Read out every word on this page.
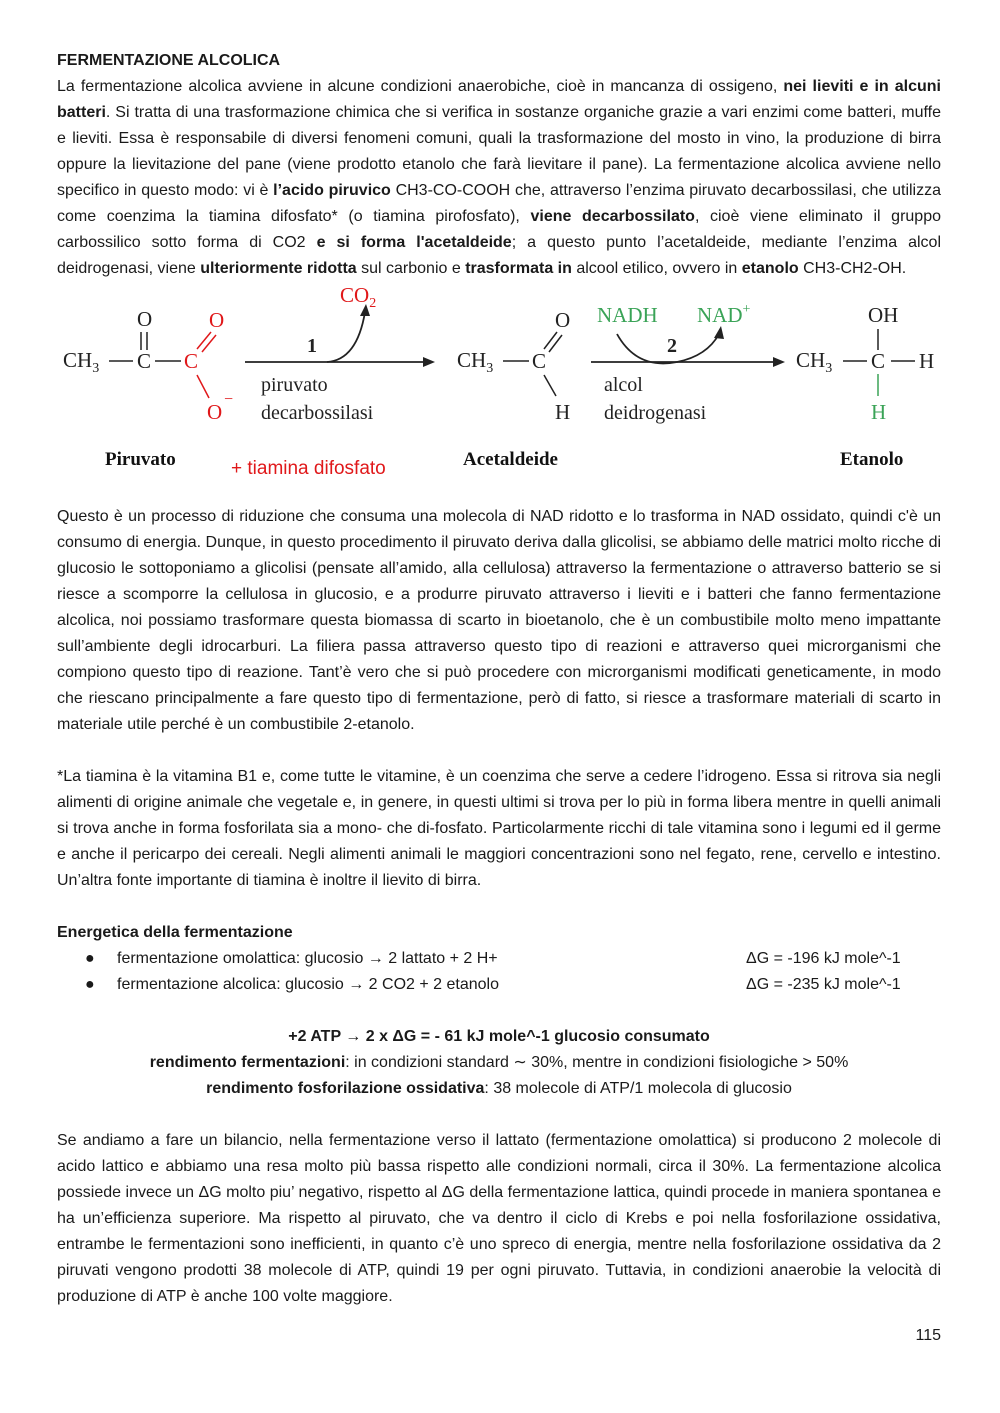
FERMENTAZIONE ALCOLICA

La fermentazione alcolica avviene in alcune condizioni anaerobiche, cioè in mancanza di ossigeno, nei lieviti e in alcuni batteri. Si tratta di una trasformazione chimica che si verifica in sostanze organiche grazie a vari enzimi come batteri, muffe e lieviti. Essa è responsabile di diversi fenomeni comuni, quali la trasformazione del mosto in vino, la produzione di birra oppure la lievitazione del pane (viene prodotto etanolo che farà lievitare il pane). La fermentazione alcolica avviene nello specifico in questo modo: vi è l’acido piruvico CH3-CO-COOH che, attraverso l’enzima piruvato decarbossilasi, che utilizza come coenzima la tiamina difosfato* (o tiamina pirofosfato), viene decarbossilato, cioè viene eliminato il gruppo carbossilico sotto forma di CO2 e si forma l'acetaldeide; a questo punto l’acetaldeide, mediante l’enzima alcol deidrogenasi, viene ulteriormente ridotta sul carbonio e trasformata in alcool etilico, ovvero in etanolo CH3-CH2-OH.

$CH_3$ C
O
C
O
O
−
$CO_2$
1
piruvato
decarbossilasi
$CH_3$ C
O
H
NADH NAD+
2
alcol
deidrogenasi
$CH_3$ C
OH
H
H
Piruvato	+ tiamina difosfato	Acetaldeide	Etanolo

Questo è un processo di riduzione che consuma una molecola di NAD ridotto e lo trasforma in NAD ossidato, quindi c'è un consumo di energia. Dunque, in questo procedimento il piruvato deriva dalla glicolisi, se abbiamo delle matrici molto ricche di glucosio le sottoponiamo a glicolisi (pensate all’amido, alla cellulosa) attraverso la fermentazione o attraverso batterio se si riesce a scomporre la cellulosa in glucosio, e a produrre piruvato attraverso i lieviti e i batteri che fanno fermentazione alcolica, noi possiamo trasformare questa biomassa di scarto in bioetanolo, che è un combustibile molto meno impattante sull’ambiente degli idrocarburi. La filiera passa attraverso questo tipo di reazioni e attraverso quei microrganismi che compiono questo tipo di reazione. Tant’è vero che si può procedere con microrganismi modificati geneticamente, in modo che riescano principalmente a fare questo tipo di fermentazione, però di fatto, si riesce a trasformare materiali di scarto in materiale utile perché è un combustibile 2-etanolo.

*La tiamina è la vitamina B1 e, come tutte le vitamine, è un coenzima che serve a cedere l’idrogeno. Essa si ritrova sia negli alimenti di origine animale che vegetale e, in genere, in questi ultimi si trova per lo più in forma libera mentre in quelli animali si trova anche in forma fosforilata sia a mono- che di-fosfato. Particolarmente ricchi di tale vitamina sono i legumi ed il germe e anche il pericarpo dei cereali. Negli alimenti animali le maggiori concentrazioni sono nel fegato, rene, cervello e intestino. Un’altra fonte importante di tiamina è inoltre il lievito di birra.

Energetica della fermentazione

● fermentazione omolattica: glucosio → 2 lattato + 2 H+	ΔG = -196 kJ mole^-1
● fermentazione alcolica: glucosio → 2 CO2 + 2 etanolo	ΔG = -235 kJ mole^-1

+2 ATP → 2 x ΔG = - 61 kJ mole^-1 glucosio consumato

rendimento fermentazioni: in condizioni standard ∼ 30%, mentre in condizioni fisiologiche > 50%

rendimento fosforilazione ossidativa: 38 molecole di ATP/1 molecola di glucosio

Se andiamo a fare un bilancio, nella fermentazione verso il lattato (fermentazione omolattica) si producono 2 molecole di acido lattico e abbiamo una resa molto più bassa rispetto alle condizioni normali, circa il 30%. La fermentazione alcolica possiede invece un ΔG molto piu’ negativo, rispetto al ΔG della fermentazione lattica, quindi procede in maniera spontanea e ha un’efficienza superiore. Ma rispetto al piruvato, che va dentro il ciclo di Krebs e poi nella fosforilazione ossidativa, entrambe le fermentazioni sono inefficienti, in quanto c’è uno spreco di energia, mentre nella fosforilazione ossidativa da 2 piruvati vengono prodotti 38 molecole di ATP, quindi 19 per ogni piruvato. Tuttavia, in condizioni anaerobie la velocità di produzione di ATP è anche 100 volte maggiore.

115
